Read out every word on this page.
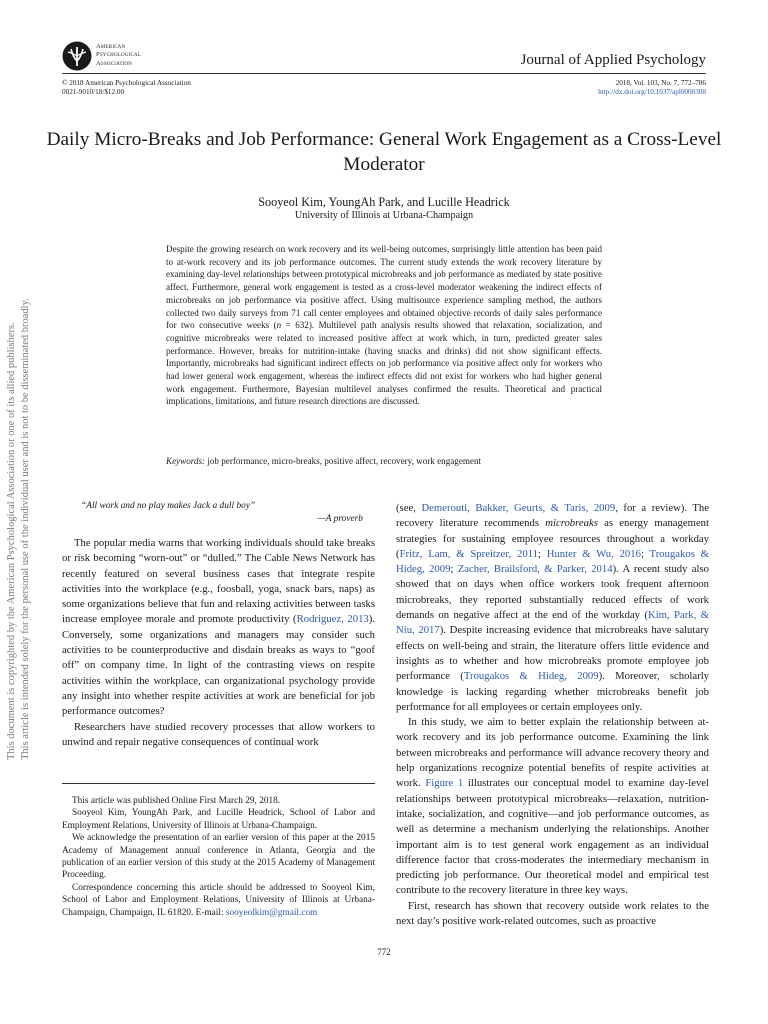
American
Psychological
Association	Journal of Applied Psychology
© 2018 American Psychological Association
0021-9010/18/$12.00
2018, Vol. 103, No. 7, 772–786
http://dx.doi.org/10.1037/apl0000308
Daily Micro-Breaks and Job Performance: General Work Engagement as a Cross-Level Moderator
Sooyeol Kim, YoungAh Park, and Lucille Headrick
University of Illinois at Urbana-Champaign

Despite the growing research on work recovery and its well-being outcomes, surprisingly little attention has been paid to at-work recovery and its job performance outcomes. The current study extends the work recovery literature by examining day-level relationships between prototypical microbreaks and job performance as mediated by state positive affect. Furthermore, general work engagement is tested as a cross-level moderator weakening the indirect effects of microbreaks on job performance via positive affect. Using multisource experience sampling method, the authors collected two daily surveys from 71 call center employees and obtained objective records of daily sales performance for two consecutive weeks (n = 632). Multilevel path analysis results showed that relaxation, socialization, and cognitive microbreaks were related to increased positive affect at work which, in turn, predicted greater sales performance. However, breaks for nutrition-intake (having snacks and drinks) did not show significant effects. Importantly, microbreaks had significant indirect effects on job performance via positive affect only for workers who had lower general work engagement, whereas the indirect effects did not exist for workers who had higher general work engagement. Furthermore, Bayesian multilevel analyses confirmed the results. Theoretical and practical implications, limitations, and future research directions are discussed.

Keywords: job performance, micro-breaks, positive affect, recovery, work engagement
This document is copyrighted by the American Psychological Association or one of its allied publishers. This article is intended solely for the personal use of the individual user and is not to be disseminated broadly.	“All work and no play makes Jack a dull boy”
—A proverb

The popular media warns that working individuals should take breaks or risk becoming “worn-out” or “dulled.” The Cable News Network has recently featured on several business cases that integrate respite activities into the workplace (e.g., foosball, yoga, snack bars, naps) as some organizations believe that fun and relaxing activities between tasks increase employee morale and promote productivity (Rodriguez, 2013). Conversely, some organizations and managers may consider such activities to be counterproductive and disdain breaks as ways to “goof off” on company time. In light of the contrasting views on respite activities within the workplace, can organizational psychology provide any insight into whether respite activities at work are beneficial for job performance outcomes?

Researchers have studied recovery processes that allow workers to unwind and repair negative consequences of continual work

This article was published Online First March 29, 2018.

Sooyeol Kim, YoungAh Park, and Lucille Headrick, School of Labor and Employment Relations, University of Illinois at Urbana-Champaign.

We acknowledge the presentation of an earlier version of this paper at the 2015 Academy of Management annual conference in Atlanta, Georgia and the publication of an earlier version of this study at the 2015 Academy of Management Proceeding.

Correspondence concerning this article should be addressed to Sooyeol Kim, School of Labor and Employment Relations, University of Illinois at Urbana-Champaign, Champaign, IL 61820. E-mail: sooyeolkim@gmail.com

(see, Demerouti, Bakker, Geurts, & Taris, 2009, for a review). The recovery literature recommends microbreaks as energy management strategies for sustaining employee resources throughout a workday (Fritz, Lam, & Spreitzer, 2011; Hunter & Wu, 2016; Trougakos & Hideg, 2009; Zacher, Brailsford, & Parker, 2014). A recent study also showed that on days when office workers took frequent afternoon microbreaks, they reported substantially reduced effects of work demands on negative affect at the end of the workday (Kim, Park, & Niu, 2017). Despite increasing evidence that microbreaks have salutary effects on well-being and strain, the literature offers little evidence and insights as to whether and how microbreaks promote employee job performance (Trougakos & Hideg, 2009). Moreover, scholarly knowledge is lacking regarding whether microbreaks benefit job performance for all employees or certain employees only.

In this study, we aim to better explain the relationship between at-work recovery and its job performance outcome. Examining the link between microbreaks and performance will advance recovery theory and help organizations recognize potential benefits of respite activities at work. Figure 1 illustrates our conceptual model to examine day-level relationships between prototypical microbreaks—relaxation, nutrition-intake, socialization, and cognitive—and job performance outcomes, as well as determine a mechanism underlying the relationships. Another important aim is to test general work engagement as an individual difference factor that cross-moderates the intermediary mechanism in predicting job performance. Our theoretical model and empirical test contribute to the recovery literature in three key ways.

First, research has shown that recovery outside work relates to the next day’s positive work-related outcomes, such as proactive

772
